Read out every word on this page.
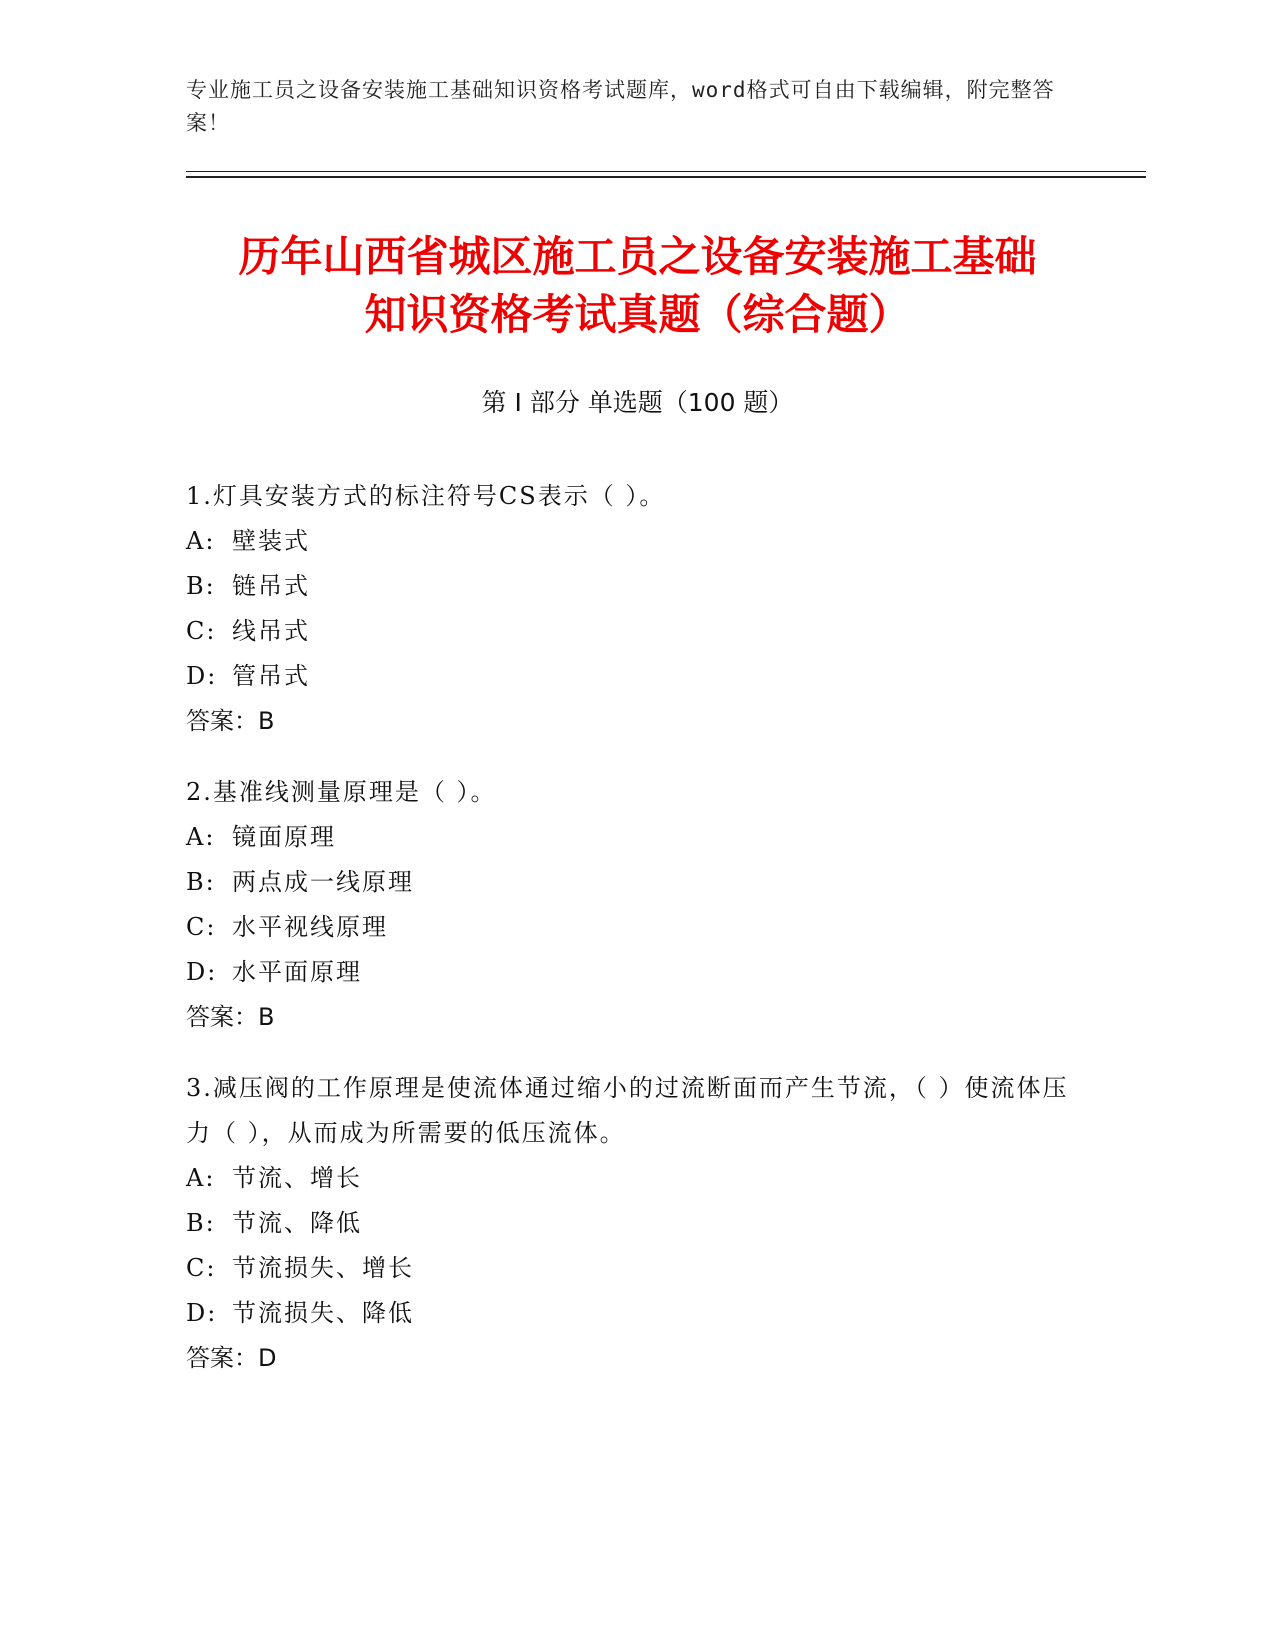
专业施工员之设备安装施工基础知识资格考试题库，word格式可自由下载编辑，附完整答案！
历年山西省城区施工员之设备安装施工基础
知识资格考试真题（综合题）
第 I 部分 单选题（100 题）
1.灯具安装方式的标注符号CS表示（ ）。
A: 壁装式
B: 链吊式
C: 线吊式
D: 管吊式
答案：B
2.基准线测量原理是（ ）。
A: 镜面原理
B: 两点成一线原理
C: 水平视线原理
D: 水平面原理
答案：B
3.减压阀的工作原理是使流体通过缩小的过流断面而产生节流，（ ）使流体压力（ ），从而成为所需要的低压流体。
A: 节流、增长
B: 节流、降低
C: 节流损失、增长
D: 节流损失、降低
答案：D
